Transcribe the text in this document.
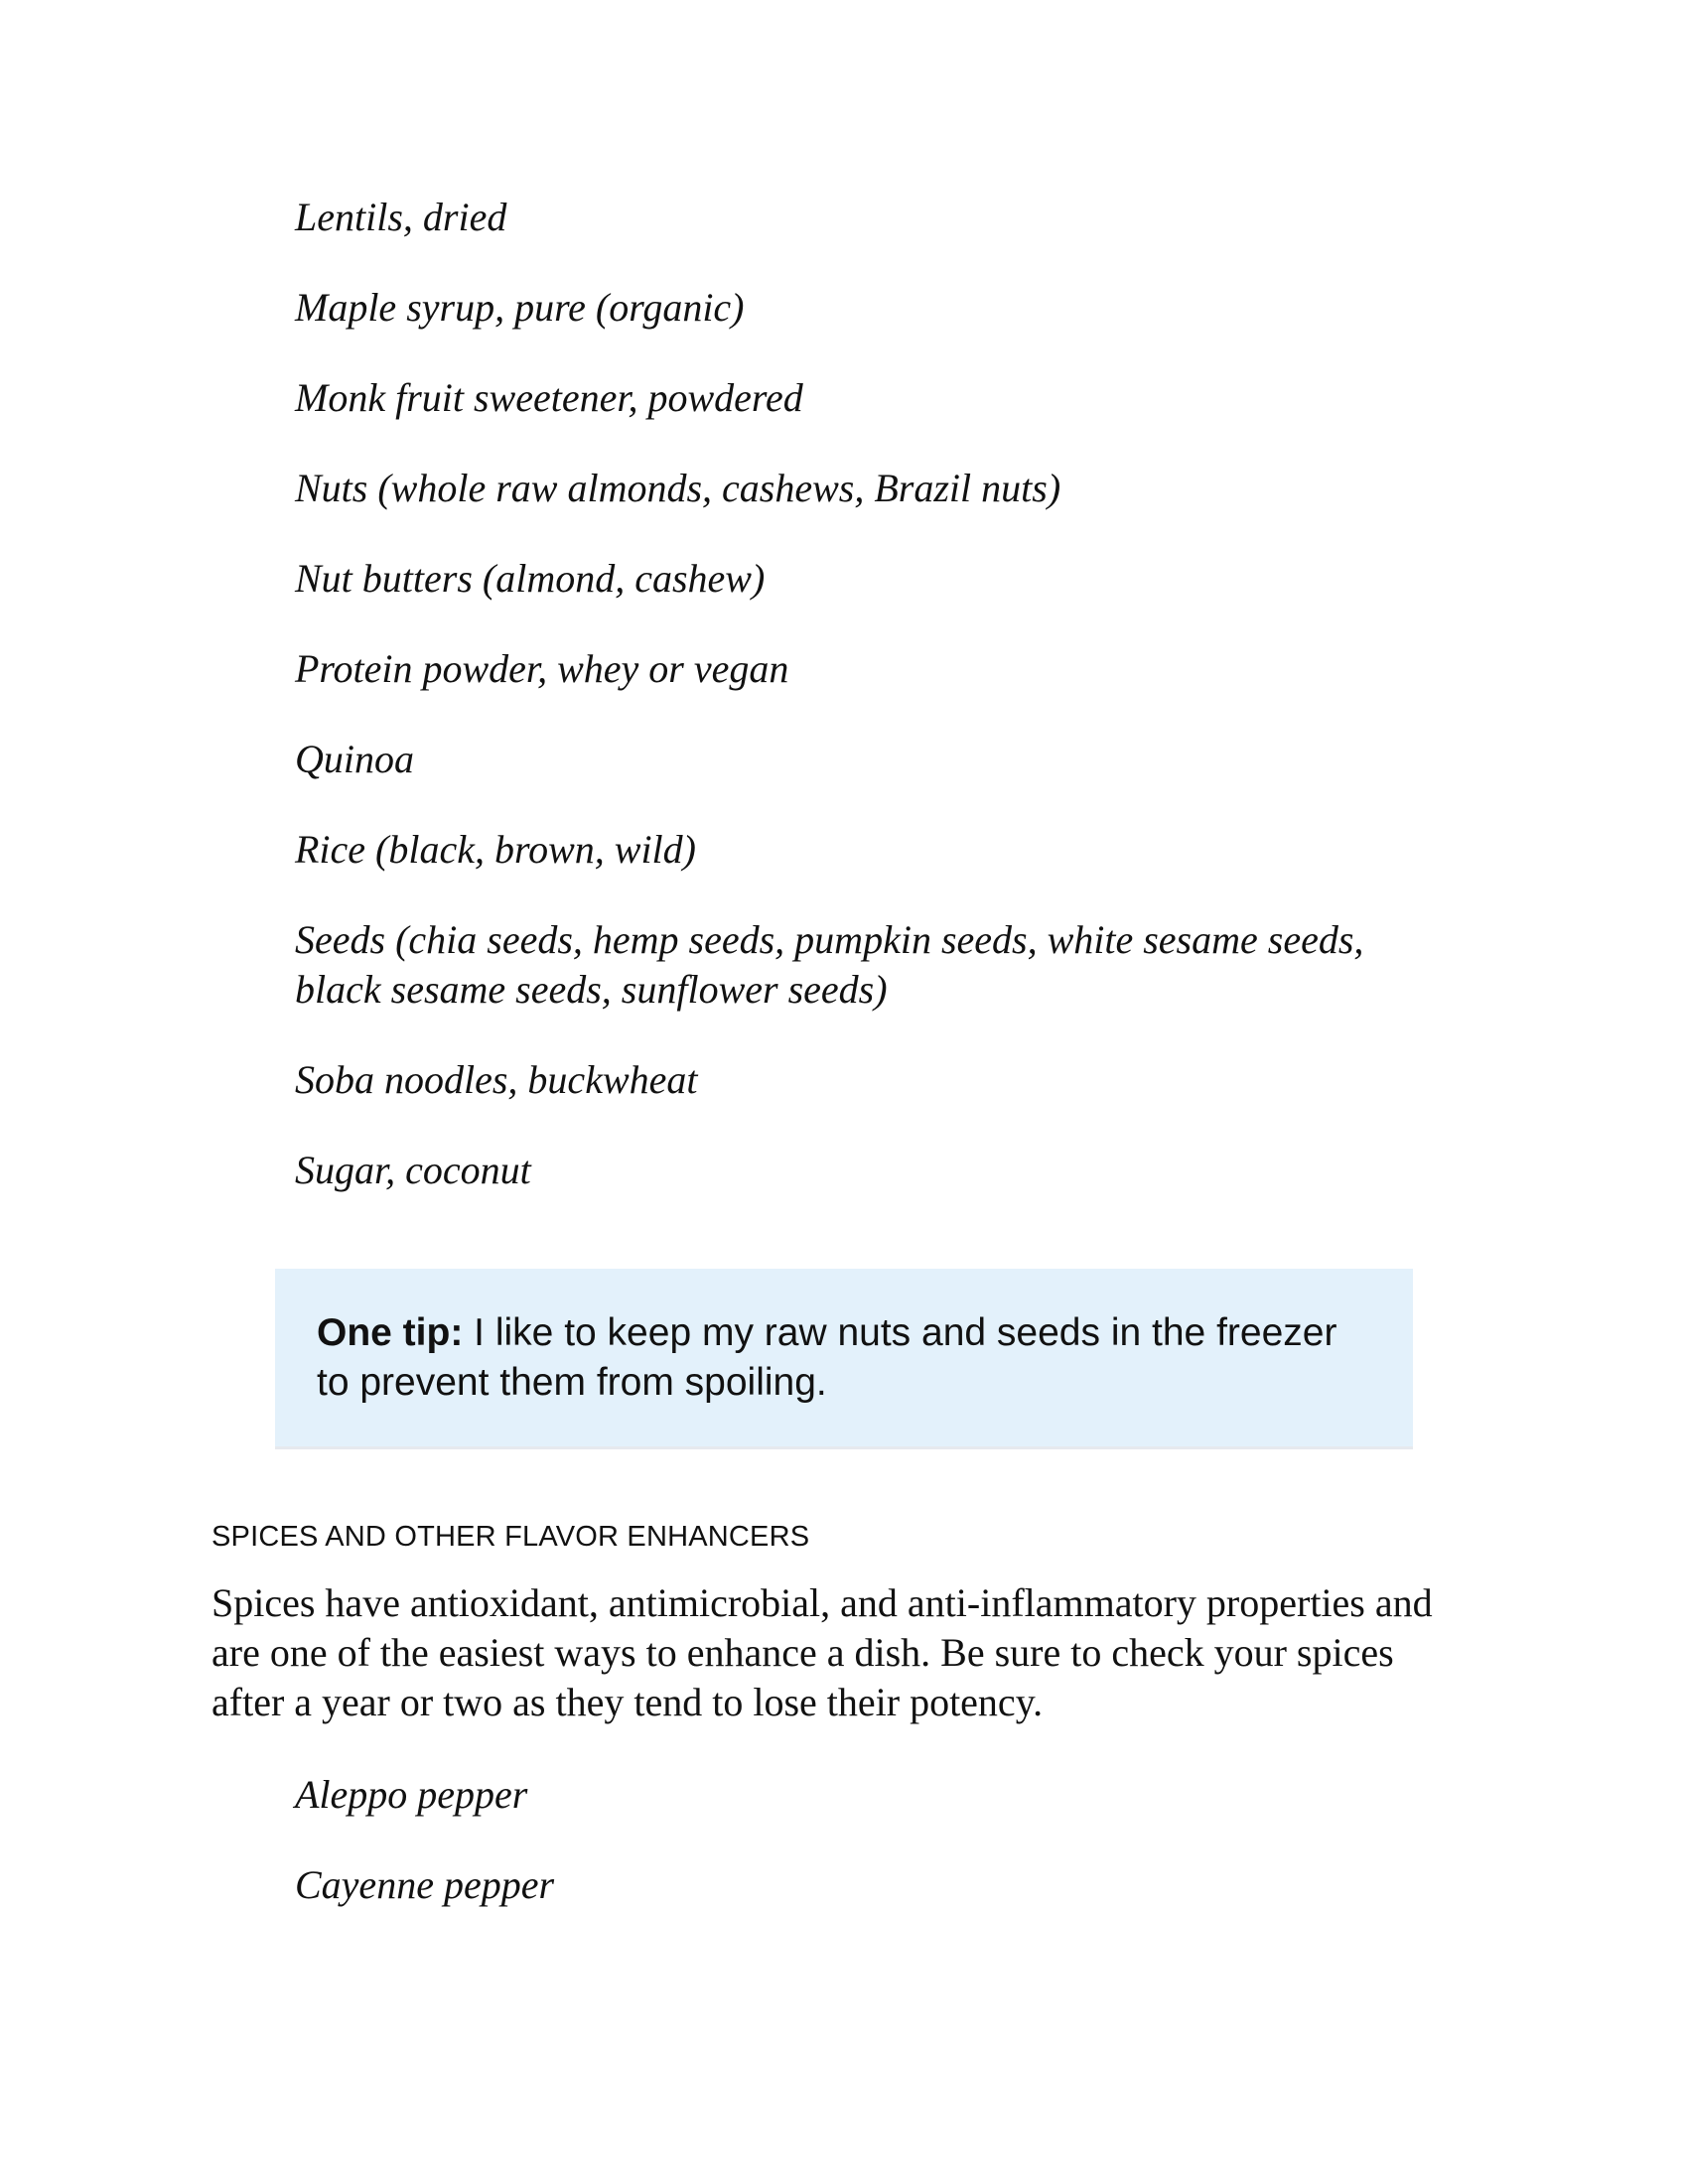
Lentils, dried
Maple syrup, pure (organic)
Monk fruit sweetener, powdered
Nuts (whole raw almonds, cashews, Brazil nuts)
Nut butters (almond, cashew)
Protein powder, whey or vegan
Quinoa
Rice (black, brown, wild)
Seeds (chia seeds, hemp seeds, pumpkin seeds, white sesame seeds, black sesame seeds, sunflower seeds)
Soba noodles, buckwheat
Sugar, coconut

One tip: I like to keep my raw nuts and seeds in the freezer to prevent them from spoiling.

SPICES AND OTHER FLAVOR ENHANCERS

Spices have antioxidant, antimicrobial, and anti-inflammatory properties and are one of the easiest ways to enhance a dish. Be sure to check your spices after a year or two as they tend to lose their potency.

Aleppo pepper
Cayenne pepper
